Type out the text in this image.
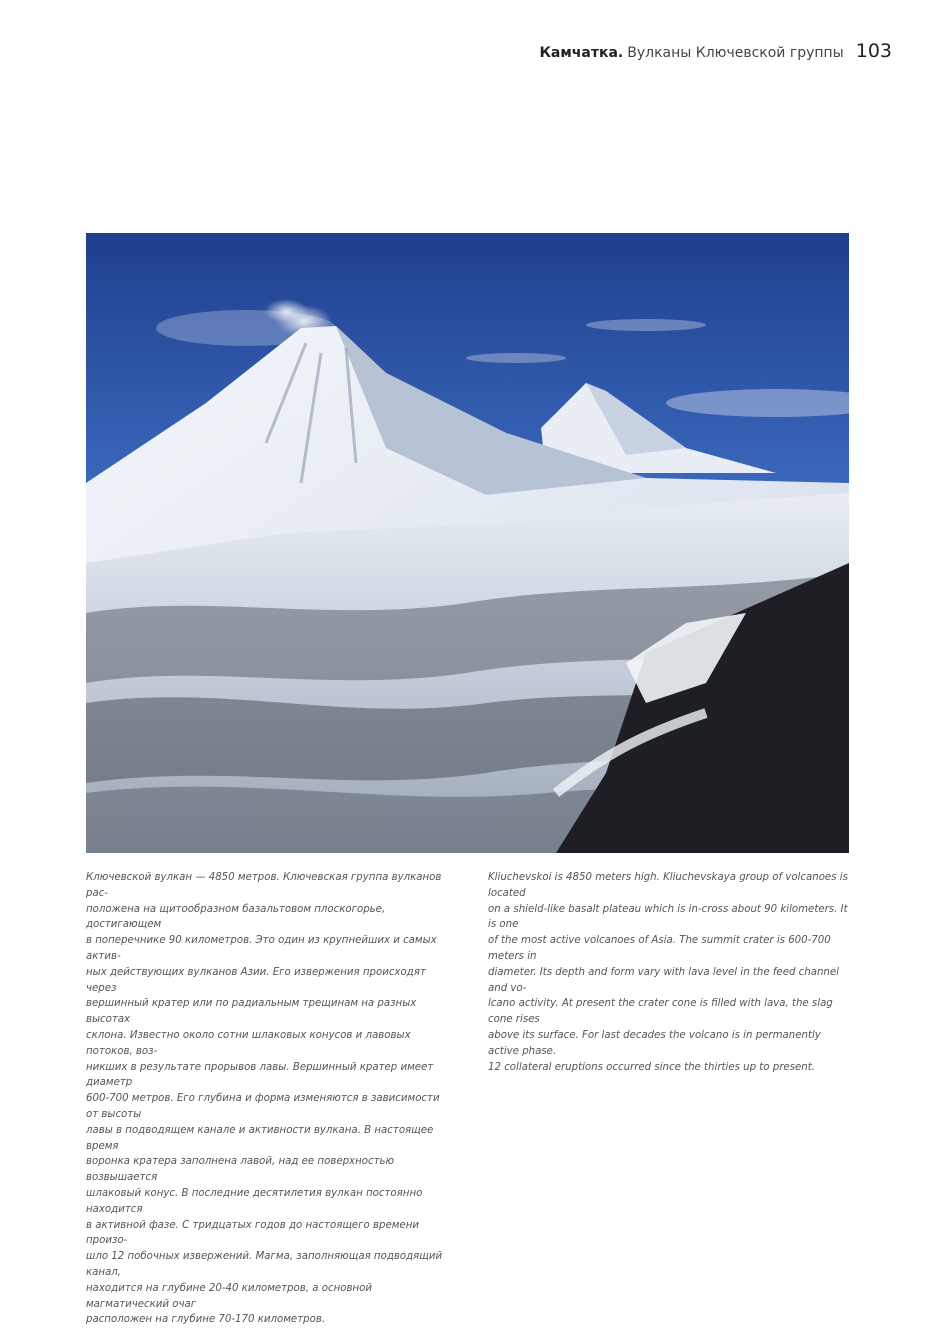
Камчатка. Вулканы Ключевской группы 103

Ключевской вулкан — 4850 метров. Ключевская группа вулканов рас-
положена на щитообразном базальтовом плоскогорье, достигающем
в поперечнике 90 километров. Это один из крупнейших и самых актив-
ных действующих вулканов Азии. Его извержения происходят через
вершинный кратер или по радиальным трещинам на разных высотах
склона. Известно около сотни шлаковых конусов и лавовых потоков, воз-
никших в результате прорывов лавы. Вершинный кратер имеет диаметр
600-700 метров. Его глубина и форма изменяются в зависимости от высоты
лавы в подводящем канале и активности вулкана. В настоящее время
воронка кратера заполнена лавой, над ее поверхностью возвышается
шлаковый конус. В последние десятилетия вулкан постоянно находится
в активной фазе. С тридцатых годов до настоящего времени произо-
шло 12 побочных извержений. Магма, заполняющая подводящий канал,
находится на глубине 20-40 километров, а основной магматический очаг
расположен на глубине 70-170 километров.

Kliuchevskoi is 4850 meters high. Kliuchevskaya group of volcanoes is located
on a shield-like basalt plateau which is in-cross about 90 kilometers. It is one
of the most active volcanoes of Asia. The summit crater is 600-700 meters in
diameter. Its depth and form vary with lava level in the feed channel and vo-
lcano activity. At present the crater cone is filled with lava, the slag cone rises
above its surface. For last decades the volcano is in permanently active phase.
12 collateral eruptions occurred since the thirties up to present.
